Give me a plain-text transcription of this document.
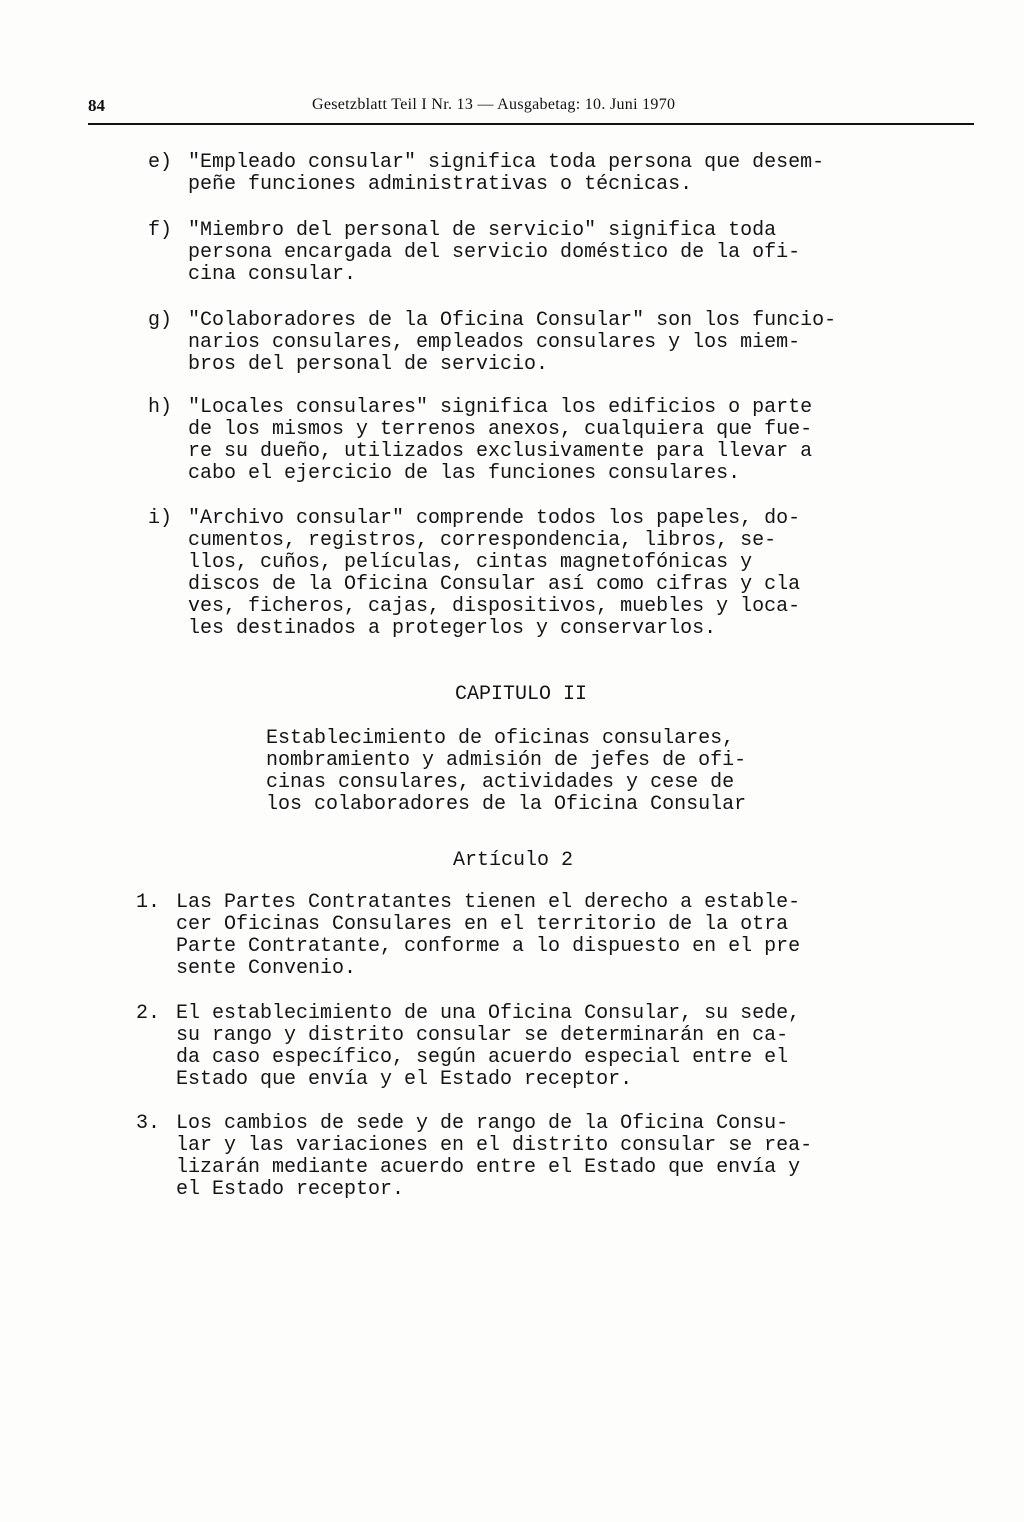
84	Gesetzblatt Teil I Nr. 13 — Ausgabetag: 10. Juni 1970
e) "Empleado consular" significa toda persona que desem-
peñe funciones administrativas o técnicas.
f) "Miembro del personal de servicio" significa toda
persona encargada del servicio doméstico de la ofi-
cina consular.
g) "Colaboradores de la Oficina Consular" son los funcio-
narios consulares, empleados consulares y los miem-
bros del personal de servicio.
h) "Locales consulares" significa los edificios o parte
de los mismos y terrenos anexos, cualquiera que fue-
re su dueño, utilizados exclusivamente para llevar a
cabo el ejercicio de las funciones consulares.
i) "Archivo consular" comprende todos los papeles, do-
cumentos, registros, correspondencia, libros, se-
llos, cuños, películas, cintas magnetofónicas y
discos de la Oficina Consular así como cifras y cla
ves, ficheros, cajas, dispositivos, muebles y loca-
les destinados a protegerlos y conservarlos.
CAPITULO II
Establecimiento de oficinas consulares,
nombramiento y admisión de jefes de ofi-
cinas consulares, actividades y cese de
los colaboradores de la Oficina Consular
Artículo 2
1. Las Partes Contratantes tienen el derecho a estable-
cer Oficinas Consulares en el territorio de la otra
Parte Contratante, conforme a lo dispuesto en el pre
sente Convenio.
2. El establecimiento de una Oficina Consular, su sede,
su rango y distrito consular se determinarán en ca-
da caso específico, según acuerdo especial entre el
Estado que envía y el Estado receptor.
3. Los cambios de sede y de rango de la Oficina Consu-
lar y las variaciones en el distrito consular se rea-
lizarán mediante acuerdo entre el Estado que envía y
el Estado receptor.
